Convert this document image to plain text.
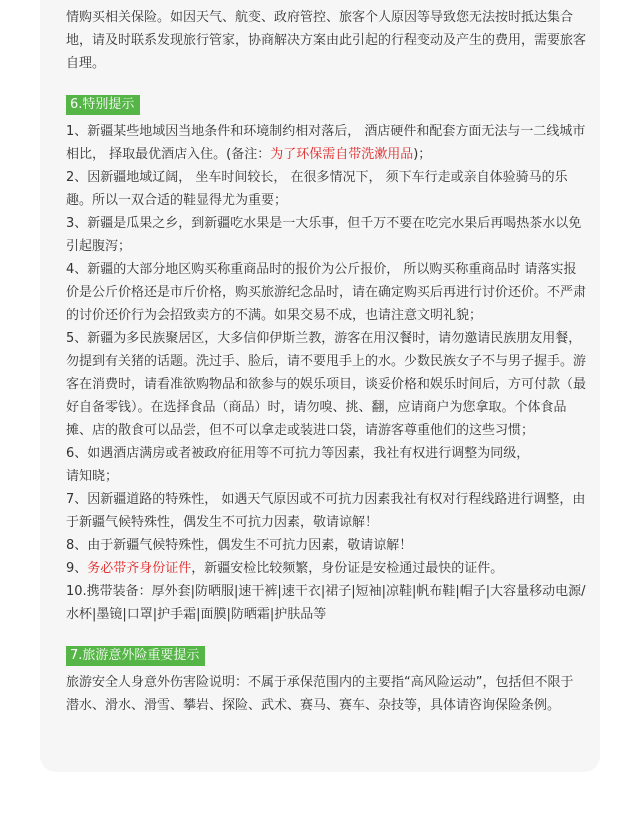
情购买相关保险。如因天气、航变、政府管控、旅客个人原因等导致您无法按时抵达集合地，请及时联系发现旅行管家，协商解决方案由此引起的行程变动及产生的费用，需要旅客自理。

6.特别提示

1、新疆某些地域因当地条件和环境制约相对落后， 酒店硬件和配套方面无法与一二线城市相比， 择取最优酒店入住。(备注：为了环保需自带洗漱用品)；

2、因新疆地域辽阔， 坐车时间较长， 在很多情况下， 须下车行走或亲自体验骑马的乐趣。所以一双合适的鞋显得尤为重要；

3、新疆是瓜果之乡，到新疆吃水果是一大乐事，但千万不要在吃完水果后再喝热茶水以免引起腹泻；

4、新疆的大部分地区购买称重商品时的报价为公斤报价， 所以购买称重商品时 请落实报价是公斤价格还是市斤价格，购买旅游纪念品时，请在确定购买后再进行讨价还价。不严肃的讨价还价行为会招致卖方的不满。如果交易不成，也请注意文明礼貌；

5、新疆为多民族聚居区，大多信仰伊斯兰教，游客在用汉餐时，请勿邀请民族朋友用餐，勿提到有关猪的话题。洗过手、脸后，请不要甩手上的水。少数民族女子不与男子握手。游客在消费时，请看准欲购物品和欲参与的娱乐项目，谈妥价格和娱乐时间后，方可付款（最好自备零钱）。在选择食品（商品）时，请勿嗅、挑、翻，应请商户为您拿取。个体食品摊、店的散食可以品尝，但不可以拿走或装进口袋，请游客尊重他们的这些习惯；

6、如遇酒店满房或者被政府征用等不可抗力等因素，我社有权进行调整为同级，
请知晓；

7、因新疆道路的特殊性， 如遇天气原因或不可抗力因素我社有权对行程线路进行调整，由于新疆气候特殊性，偶发生不可抗力因素，敬请谅解！

8、由于新疆气候特殊性，偶发生不可抗力因素，敬请谅解！

9、务必带齐身份证件，新疆安检比较频繁，身份证是安检通过最快的证件。

10.携带装备：厚外套|防晒服|速干裤|速干衣|裙子|短袖|凉鞋|帆布鞋|帽子|大容量移动电源/ 水杯|墨镜|口罩|护手霜|面膜|防晒霜|护肤品等

7.旅游意外险重要提示

旅游安全人身意外伤害险说明：不属于承保范围内的主要指“高风险运动”，包括但不限于潜水、滑水、滑雪、攀岩、探险、武术、赛马、赛车、杂技等，具体请咨询保险条例。
